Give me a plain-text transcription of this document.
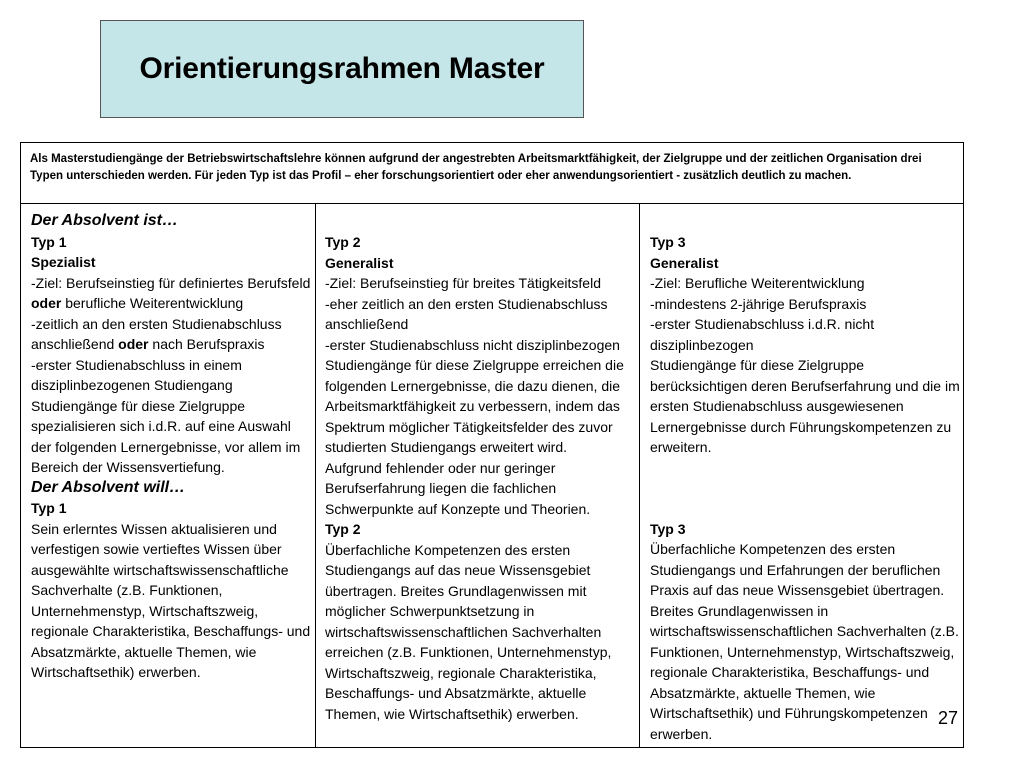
Orientierungsrahmen Master
Als Masterstudiengänge der Betriebswirtschaftslehre können aufgrund der angestrebten Arbeitsmarktfähigkeit, der Zielgruppe und der zeitlichen Organisation drei Typen unterschieden werden. Für jeden Typ ist das Profil – eher forschungsorientiert oder eher anwendungsorientiert - zusätzlich deutlich zu machen.

Der Absolvent ist…

Typ 1

Spezialist

-Ziel: Berufseinstieg für definiertes Berufsfeld oder berufliche Weiterentwicklung

-zeitlich an den ersten Studienabschluss anschließend oder nach Berufspraxis

-erster Studienabschluss in einem disziplinbezogenen Studiengang

Studiengänge für diese Zielgruppe spezialisieren sich i.d.R. auf eine Auswahl der folgenden Lernergebnisse, vor allem im Bereich der Wissensvertiefung.

Der Absolvent will…

Typ 1

Sein erlerntes Wissen aktualisieren und verfestigen sowie vertieftes Wissen über ausgewählte wirtschaftswissenschaftliche Sachverhalte (z.B. Funktionen, Unternehmenstyp, Wirtschaftszweig, regionale Charakteristika, Beschaffungs- und Absatzmärkte, aktuelle Themen, wie Wirtschaftsethik) erwerben.

Typ 2

Generalist

-Ziel: Berufseinstieg für breites Tätigkeitsfeld

-eher zeitlich an den ersten Studienabschluss anschließend

-erster Studienabschluss nicht disziplinbezogen

Studiengänge für diese Zielgruppe erreichen die folgenden Lernergebnisse, die dazu dienen, die Arbeitsmarktfähigkeit zu verbessern, indem das Spektrum möglicher Tätigkeitsfelder des zuvor studierten Studiengangs erweitert wird.

Aufgrund fehlender oder nur geringer Berufserfahrung liegen die fachlichen Schwerpunkte auf Konzepte und Theorien.

Typ 2

Überfachliche Kompetenzen des ersten Studiengangs auf das neue Wissensgebiet übertragen. Breites Grundlagenwissen mit möglicher Schwerpunktsetzung in wirtschaftswissenschaftlichen Sachverhalten erreichen (z.B. Funktionen, Unternehmenstyp, Wirtschaftszweig, regionale Charakteristika, Beschaffungs- und Absatzmärkte, aktuelle Themen, wie Wirtschaftsethik) erwerben.

Typ 3

Generalist

-Ziel: Berufliche Weiterentwicklung

-mindestens 2-jährige Berufspraxis

-erster Studienabschluss i.d.R. nicht disziplinbezogen

Studiengänge für diese Zielgruppe berücksichtigen deren Berufserfahrung und die im ersten Studienabschluss ausgewiesenen Lernergebnisse durch Führungskompetenzen zu erweitern.

Typ 3

Überfachliche Kompetenzen des ersten Studiengangs und Erfahrungen der beruflichen Praxis auf das neue Wissensgebiet übertragen. Breites Grundlagenwissen in wirtschaftswissenschaftlichen Sachverhalten (z.B. Funktionen, Unternehmenstyp, Wirtschaftszweig, regionale Charakteristika, Beschaffungs- und Absatzmärkte, aktuelle Themen, wie Wirtschaftsethik) und Führungskompetenzen erwerben.

27
